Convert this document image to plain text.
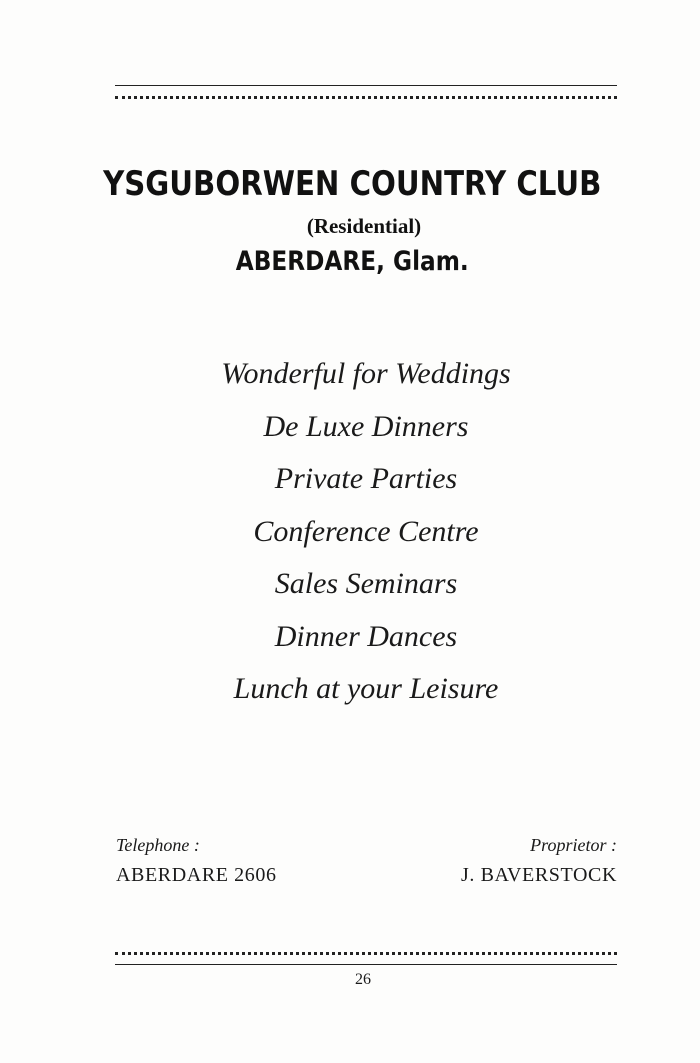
YSGUBORWEN COUNTRY CLUB
(Residential)
ABERDARE, Glam.
Wonderful for Weddings
De Luxe Dinners
Private Parties
Conference Centre
Sales Seminars
Dinner Dances
Lunch at your Leisure
Telephone :
ABERDARE 2606
Proprietor :
J. BAVERSTOCK
26
